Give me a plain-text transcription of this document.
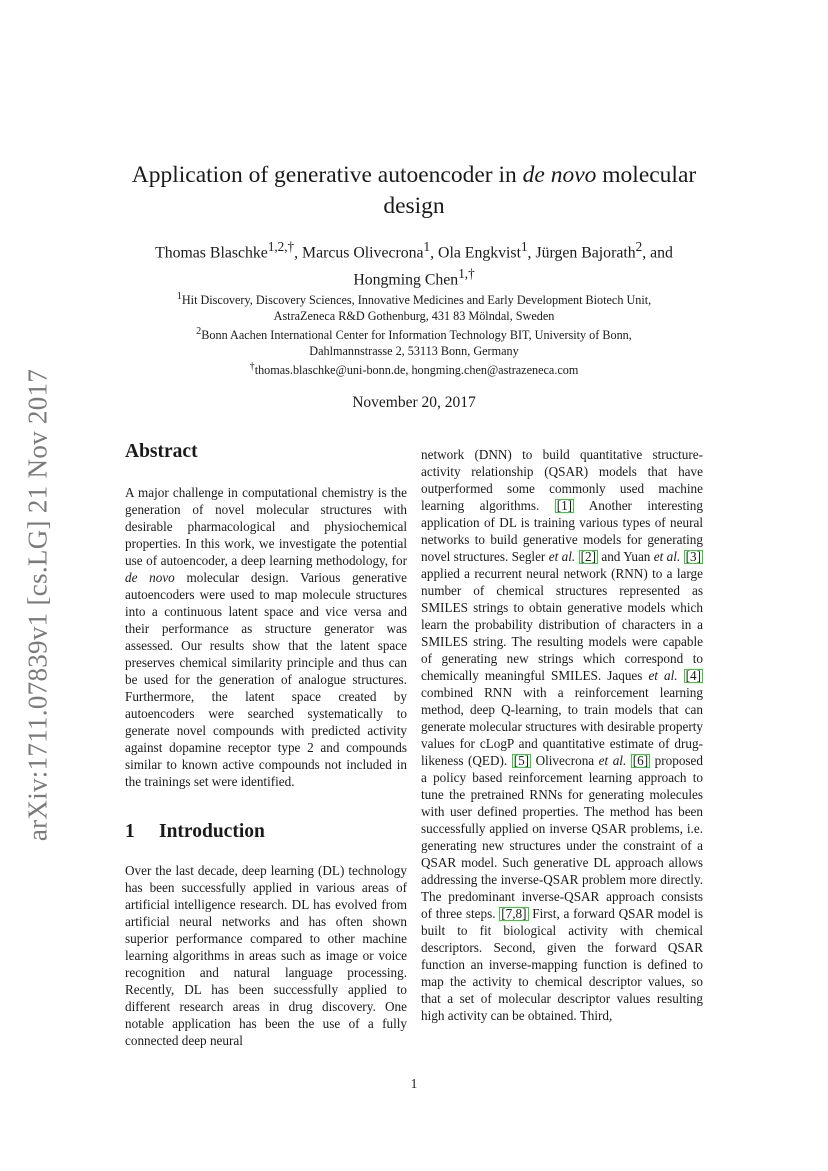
arXiv:1711.07839v1 [cs.LG] 21 Nov 2017
Application of generative autoencoder in de novo molecular design
Thomas Blaschke$^{1,2,\dagger}$, Marcus Olivecrona$^1$, Ola Engkvist$^1$, Jürgen Bajorath$^2$, and
Hongming Chen$^{1,\dagger}$
$^1$Hit Discovery, Discovery Sciences, Innovative Medicines and Early Development Biotech Unit,
AstraZeneca R&D Gothenburg, 431 83 Mölndal, Sweden
$^2$Bonn Aachen International Center for Information Technology BIT, University of Bonn,
Dahlmannstrasse 2, 53113 Bonn, Germany
†thomas.blaschke@uni-bonn.de, hongming.chen@astrazeneca.com
November 20, 2017
Abstract

A major challenge in computational chemistry is the generation of novel molecular structures with desirable pharmacological and physiochemical properties. In this work, we investigate the potential use of autoencoder, a deep learning methodology, for de novo molecular design. Various generative autoencoders were used to map molecule structures into a continuous latent space and vice versa and their performance as structure generator was assessed. Our results show that the latent space preserves chemical similarity principle and thus can be used for the generation of analogue structures. Furthermore, the latent space created by autoencoders were searched systematically to generate novel compounds with predicted activity against dopamine receptor type 2 and compounds similar to known active compounds not included in the trainings set were identified.

1 Introduction

Over the last decade, deep learning (DL) technology has been successfully applied in various areas of artificial intelligence research. DL has evolved from artificial neural networks and has often shown superior performance compared to other machine learning algorithms in areas such as image or voice recognition and natural language processing. Recently, DL has been successfully applied to different research areas in drug discovery. One notable application has been the use of a fully connected deep neural

network (DNN) to build quantitative structure-activity relationship (QSAR) models that have outperformed some commonly used machine learning algorithms. [1] Another interesting application of DL is training various types of neural networks to build generative models for generating novel structures. Segler et al. [2] and Yuan et al. [3] applied a recurrent neural network (RNN) to a large number of chemical structures represented as SMILES strings to obtain generative models which learn the probability distribution of characters in a SMILES string. The resulting models were capable of generating new strings which correspond to chemically meaningful SMILES. Jaques et al. [4] combined RNN with a reinforcement learning method, deep Q-learning, to train models that can generate molecular structures with desirable property values for cLogP and quantitative estimate of drug-likeness (QED). [5] Olivecrona et al. [6] proposed a policy based reinforcement learning approach to tune the pretrained RNNs for generating molecules with user defined properties. The method has been successfully applied on inverse QSAR problems, i.e. generating new structures under the constraint of a QSAR model. Such generative DL approach allows addressing the inverse-QSAR problem more directly. The predominant inverse-QSAR approach consists of three steps. [7,8] First, a forward QSAR model is built to fit biological activity with chemical descriptors. Second, given the forward QSAR function an inverse-mapping function is defined to map the activity to chemical descriptor values, so that a set of molecular descriptor values resulting high activity can be obtained. Third,

1
